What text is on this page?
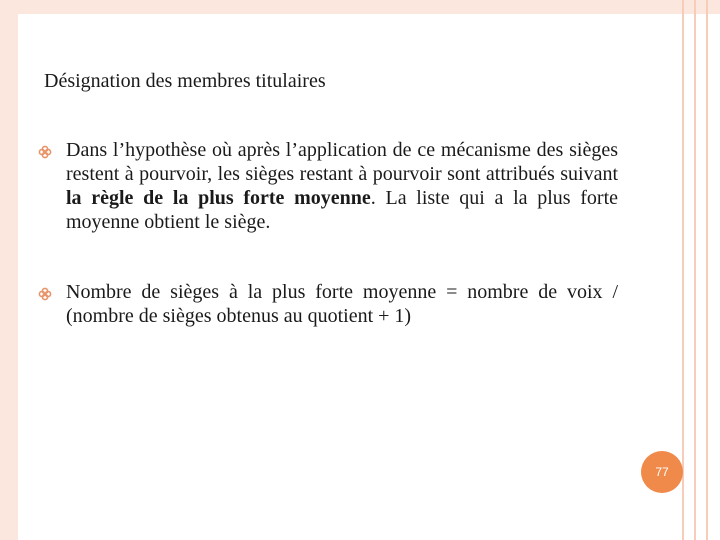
Désignation des membres titulaires
Dans l’hypothèse où après l’application de ce mécanisme des sièges restent à pourvoir, les sièges restant à pourvoir sont attribués suivant la règle de la plus forte moyenne. La liste qui a la plus forte moyenne obtient le siège.
Nombre de sièges à la plus forte moyenne = nombre de voix / (nombre de sièges obtenus au quotient + 1)
77
